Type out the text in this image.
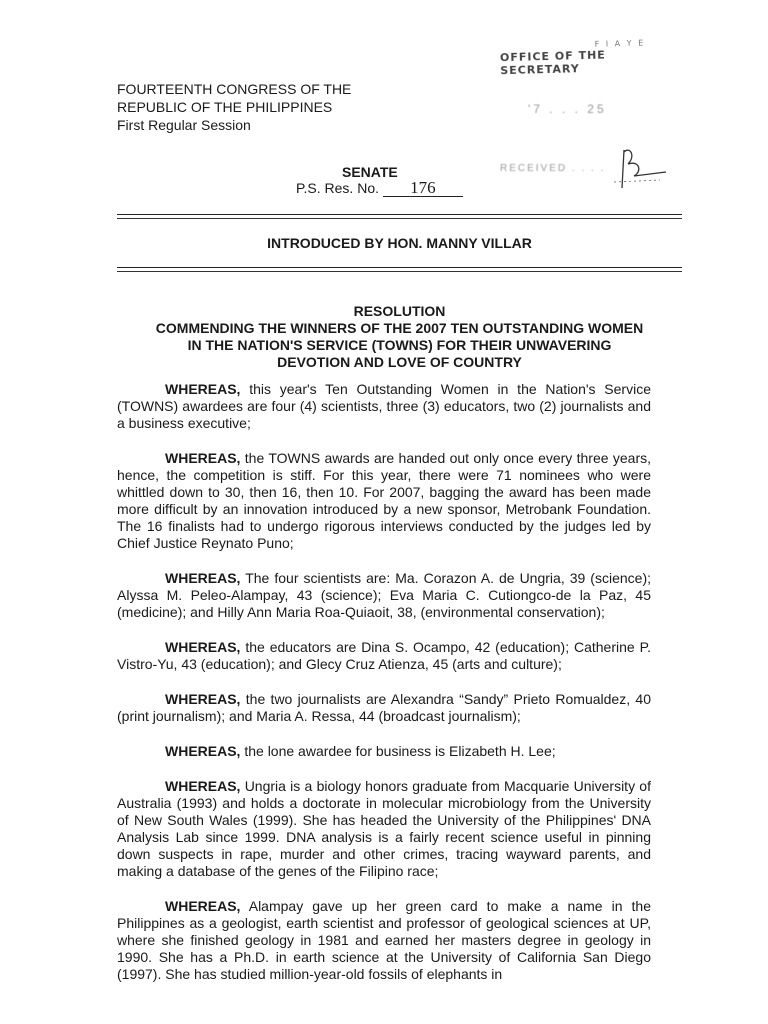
F I A Y E
OFFICE OF THE SECRETARY
'7 . . . 25
RECEIVED . . . .
FOURTEENTH CONGRESS OF THE
REPUBLIC OF THE PHILIPPINES
First Regular Session
SENATE
P.S. Res. No. 176
INTRODUCED BY HON. MANNY VILLAR
RESOLUTION
COMMENDING THE WINNERS OF THE 2007 TEN OUTSTANDING WOMEN
IN THE NATION'S SERVICE (TOWNS) FOR THEIR UNWAVERING
DEVOTION AND LOVE OF COUNTRY

WHEREAS, this year's Ten Outstanding Women in the Nation's Service (TOWNS) awardees are four (4) scientists, three (3) educators, two (2) journalists and a business executive;

WHEREAS, the TOWNS awards are handed out only once every three years, hence, the competition is stiff. For this year, there were 71 nominees who were whittled down to 30, then 16, then 10. For 2007, bagging the award has been made more difficult by an innovation introduced by a new sponsor, Metrobank Foundation. The 16 finalists had to undergo rigorous interviews conducted by the judges led by Chief Justice Reynato Puno;

WHEREAS, The four scientists are: Ma. Corazon A. de Ungria, 39 (science); Alyssa M. Peleo-Alampay, 43 (science); Eva Maria C. Cutiongco-de la Paz, 45 (medicine); and Hilly Ann Maria Roa-Quiaoit, 38, (environmental conservation);

WHEREAS, the educators are Dina S. Ocampo, 42 (education); Catherine P. Vistro-Yu, 43 (education); and Glecy Cruz Atienza, 45 (arts and culture);

WHEREAS, the two journalists are Alexandra “Sandy” Prieto Romualdez, 40 (print journalism); and Maria A. Ressa, 44 (broadcast journalism);

WHEREAS, the lone awardee for business is Elizabeth H. Lee;

WHEREAS, Ungria is a biology honors graduate from Macquarie University of Australia (1993) and holds a doctorate in molecular microbiology from the University of New South Wales (1999). She has headed the University of the Philippines' DNA Analysis Lab since 1999. DNA analysis is a fairly recent science useful in pinning down suspects in rape, murder and other crimes, tracing wayward parents, and making a database of the genes of the Filipino race;

WHEREAS, Alampay gave up her green card to make a name in the Philippines as a geologist, earth scientist and professor of geological sciences at UP, where she finished geology in 1981 and earned her masters degree in geology in 1990. She has a Ph.D. in earth science at the University of California San Diego (1997). She has studied million-year-old fossils of elephants in
